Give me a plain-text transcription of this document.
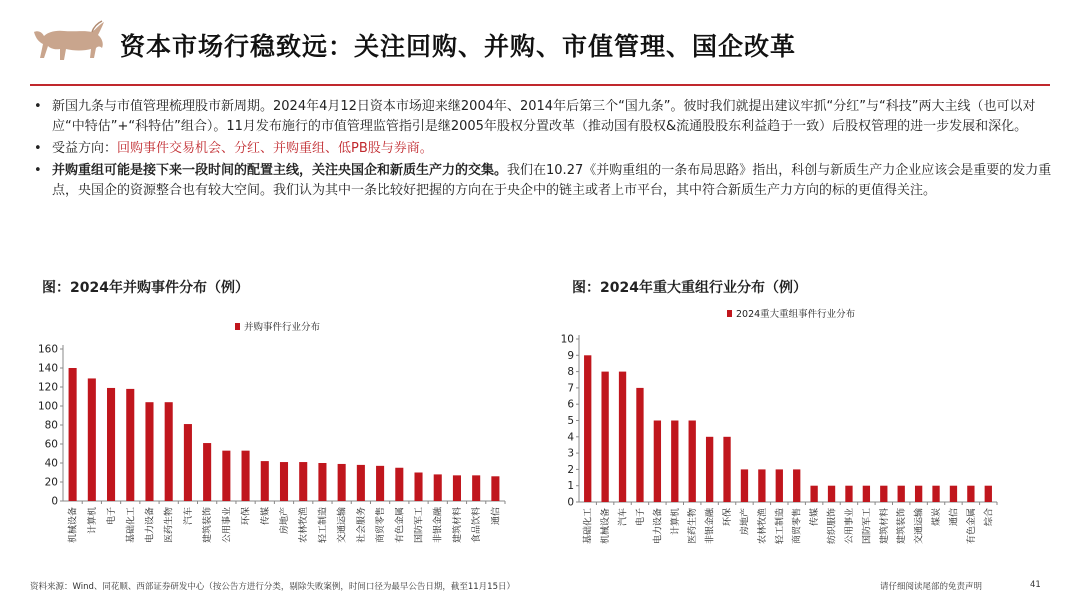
资本市场行稳致远：关注回购、并购、市值管理、国企改革
• 新国九条与市值管理梳理股市新周期。2024年4月12日资本市场迎来继2004年、2014年后第三个“国九条”。彼时我们就提出建议牢抓“分红”与“科技”两大主线（也可以对应“中特估”+“科特估”组合）。11月发布施行的市值管理监管指引是继2005年股权分置改革（推动国有股权&流通股股东利益趋于一致）后股权管理的进一步发展和深化。
• 受益方向：回购事件交易机会、分红、并购重组、低PB股与券商。
• 并购重组可能是接下来一段时间的配置主线，关注央国企和新质生产力的交集。我们在10.27《并购重组的一条布局思路》指出，科创与新质生产力企业应该会是重要的发力重点，央国企的资源整合也有较大空间。我们认为其中一条比较好把握的方向在于央企中的链主或者上市平台，其中符合新质生产力方向的标的更值得关注。
图：2024年并购事件分布（例）	图：2024年重大重组行业分布（例）
并购事件行业分布
0
20
40
60
80
100
120
140
160
机械设备 计算机 电子 基础化工 电力设备 医药生物 汽车 建筑装饰 公用事业 环保 传媒 房地产 农林牧渔 轻工制造 交通运输 社会服务 商贸零售 有色金属 国防军工 非银金融 建筑材料 食品饮料 通信
2024重大重组事件行业分布
0
1
2
3
4
5
6
7
8
9
10
基础化工 机械设备 汽车 电子 电力设备 计算机 医药生物 非银金融 环保 房地产 农林牧渔 轻工制造 商贸零售 传媒 纺织服饰 公用事业 国防军工 建筑材料 建筑装饰 交通运输 煤炭 通信 有色金属 综合
资料来源：Wind、同花顺、西部证券研发中心（按公告方进行分类，剔除失败案例，时间口径为最早公告日期，截至11月15日）	请仔细阅读尾部的免责声明	41
